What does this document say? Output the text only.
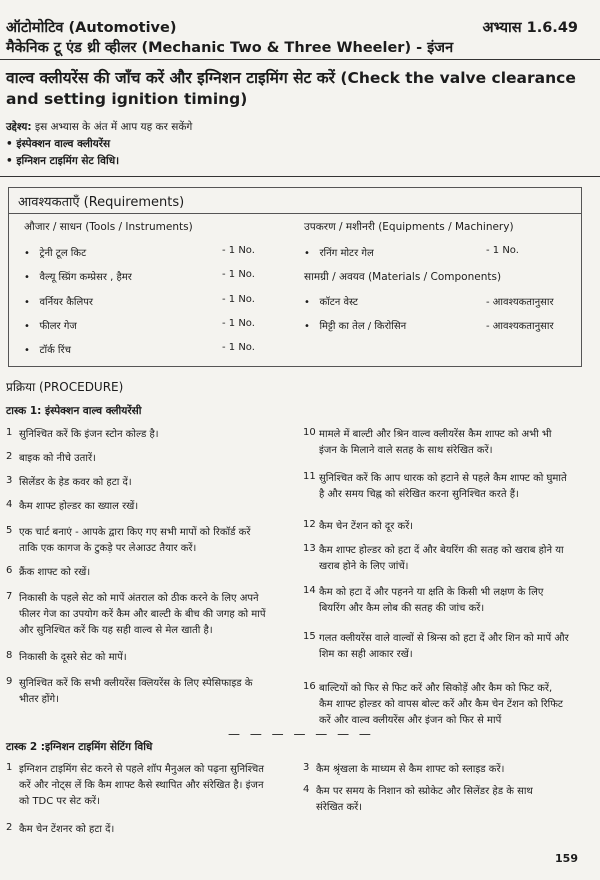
ऑटोमोटिव (Automotive)	अभ्यास 1.6.49
मैकेनिक टू एंड थ्री व्हीलर (Mechanic Two & Three Wheeler) - इंजन
वाल्व क्लीयरेंस की जाँच करें और इग्निशन टाइमिंग सेट करें (Check the valve clearance and setting ignition timing)
उद्देश्य: इस अभ्यास के अंत में आप यह कर सकेंगे
• इंस्पेक्शन वाल्व क्लीयरेंस
• इग्निशन टाइमिंग सेट विधि।
आवश्यकताएँ (Requirements)
औजार / साधन (Tools / Instruments)
•   ट्रेनी टूल किट	- 1 No.
•   वैल्यू स्प्रिंग कम्प्रेसर , हैमर	- 1 No.
•   वर्नियर कैलिपर	- 1 No.
•   फीलर गेज	- 1 No.
•   टॉर्क रिंच	- 1 No.
उपकरण / मशीनरी (Equipments / Machinery)
•   रनिंग मोटर गेल	- 1 No.
सामग्री / अवयव (Materials / Components)
•   कॉटन वेस्ट	- आवश्यकतानुसार
•   मिट्टी का तेल / किरोसिन	- आवश्यकतानुसार
प्रक्रिया (PROCEDURE)
टास्क 1: इंस्पेक्शन वाल्व क्लीयरेंसी
— — — — — — —
टास्क 2 :इग्निशन टाइमिंग सेटिंग विधि
159
1 सुनिश्चित करें कि इंजन स्टोन कोल्ड है।
2 बाइक को नीचे उतारें।
3 सिलेंडर के हेड कवर को हटा दें।
4 कैम शाफ्ट होल्डर का ख्याल रखें।
5 एक चार्ट बनाएं - आपके द्वारा किए गए सभी मापों को रिकॉर्ड करें
ताकि एक कागज के टुकड़े पर लेआउट तैयार करें।
6 क्रैंक शाफ्ट को रखें।
7 निकासी के पहले सेट को मापें अंतराल को ठीक करने के लिए अपने
फीलर गेज का उपयोग करें कैम और बाल्टी के बीच की जगह को मापें
और सुनिश्चित करें कि यह सही वाल्व से मेल खाती है।
8 निकासी के दूसरे सेट को मापें।
9 सुनिश्चित करें कि सभी क्लीयरेंस क्लियरेंस के लिए स्पेसिफाइड के
भीतर होंगे।
10 मामले में बाल्टी और श्रिन वाल्व क्लीयरेंस कैम शाफ्ट को अभी भी
इंजन के मिलाने वाले सतह के साथ संरेखित करें।
11 सुनिश्चित करें कि आप धारक को हटाने से पहले कैम शाफ्ट को घुमाते
है और समय चिह्न को संरेखित करना सुनिश्चित करते हैं।
12 कैम चेन टेंशन को दूर करें।
13 कैम शाफ्ट होल्डर को हटा दें और बेयरिंग की सतह को खराब होने या
खराब होने के लिए जांचें।
14 कैम को हटा दें और पहनने या क्षति के किसी भी लक्षण के लिए
बियरिंग और कैम लोब की सतह की जांच करें।
15 गलत क्लीयरेंस वाले वाल्वों से श्रिन्स को हटा दें और शिन को मापें और
शिम का सही आकार रखें।
16 बाल्टियों को फिर से फिट करें और सिकोड़ें और कैम को फिट करें,
कैम शाफ्ट होल्डर को वापस बोल्ट करें और कैम चेन टेंशन को रिफिट
करें और वाल्व क्लीयरेंस और इंजन को फिर से मापें
1 इग्निशन टाइमिंग सेट करने से पहले शॉप मैनुअल को पढ़ना सुनिश्चित
करें और नोट्स लें कि कैम शाफ्ट कैसे स्थापित और संरेखित है। इंजन
को TDC पर सेट करें।
2 कैम चेन टेंशनर को हटा दें।
3 कैम श्रृंखला के माध्यम से कैम शाफ्ट को स्लाइड करें।
4 कैम पर समय के निशान को स्प्रोकेट और सिलेंडर हेड के साथ
संरेखित करें।
